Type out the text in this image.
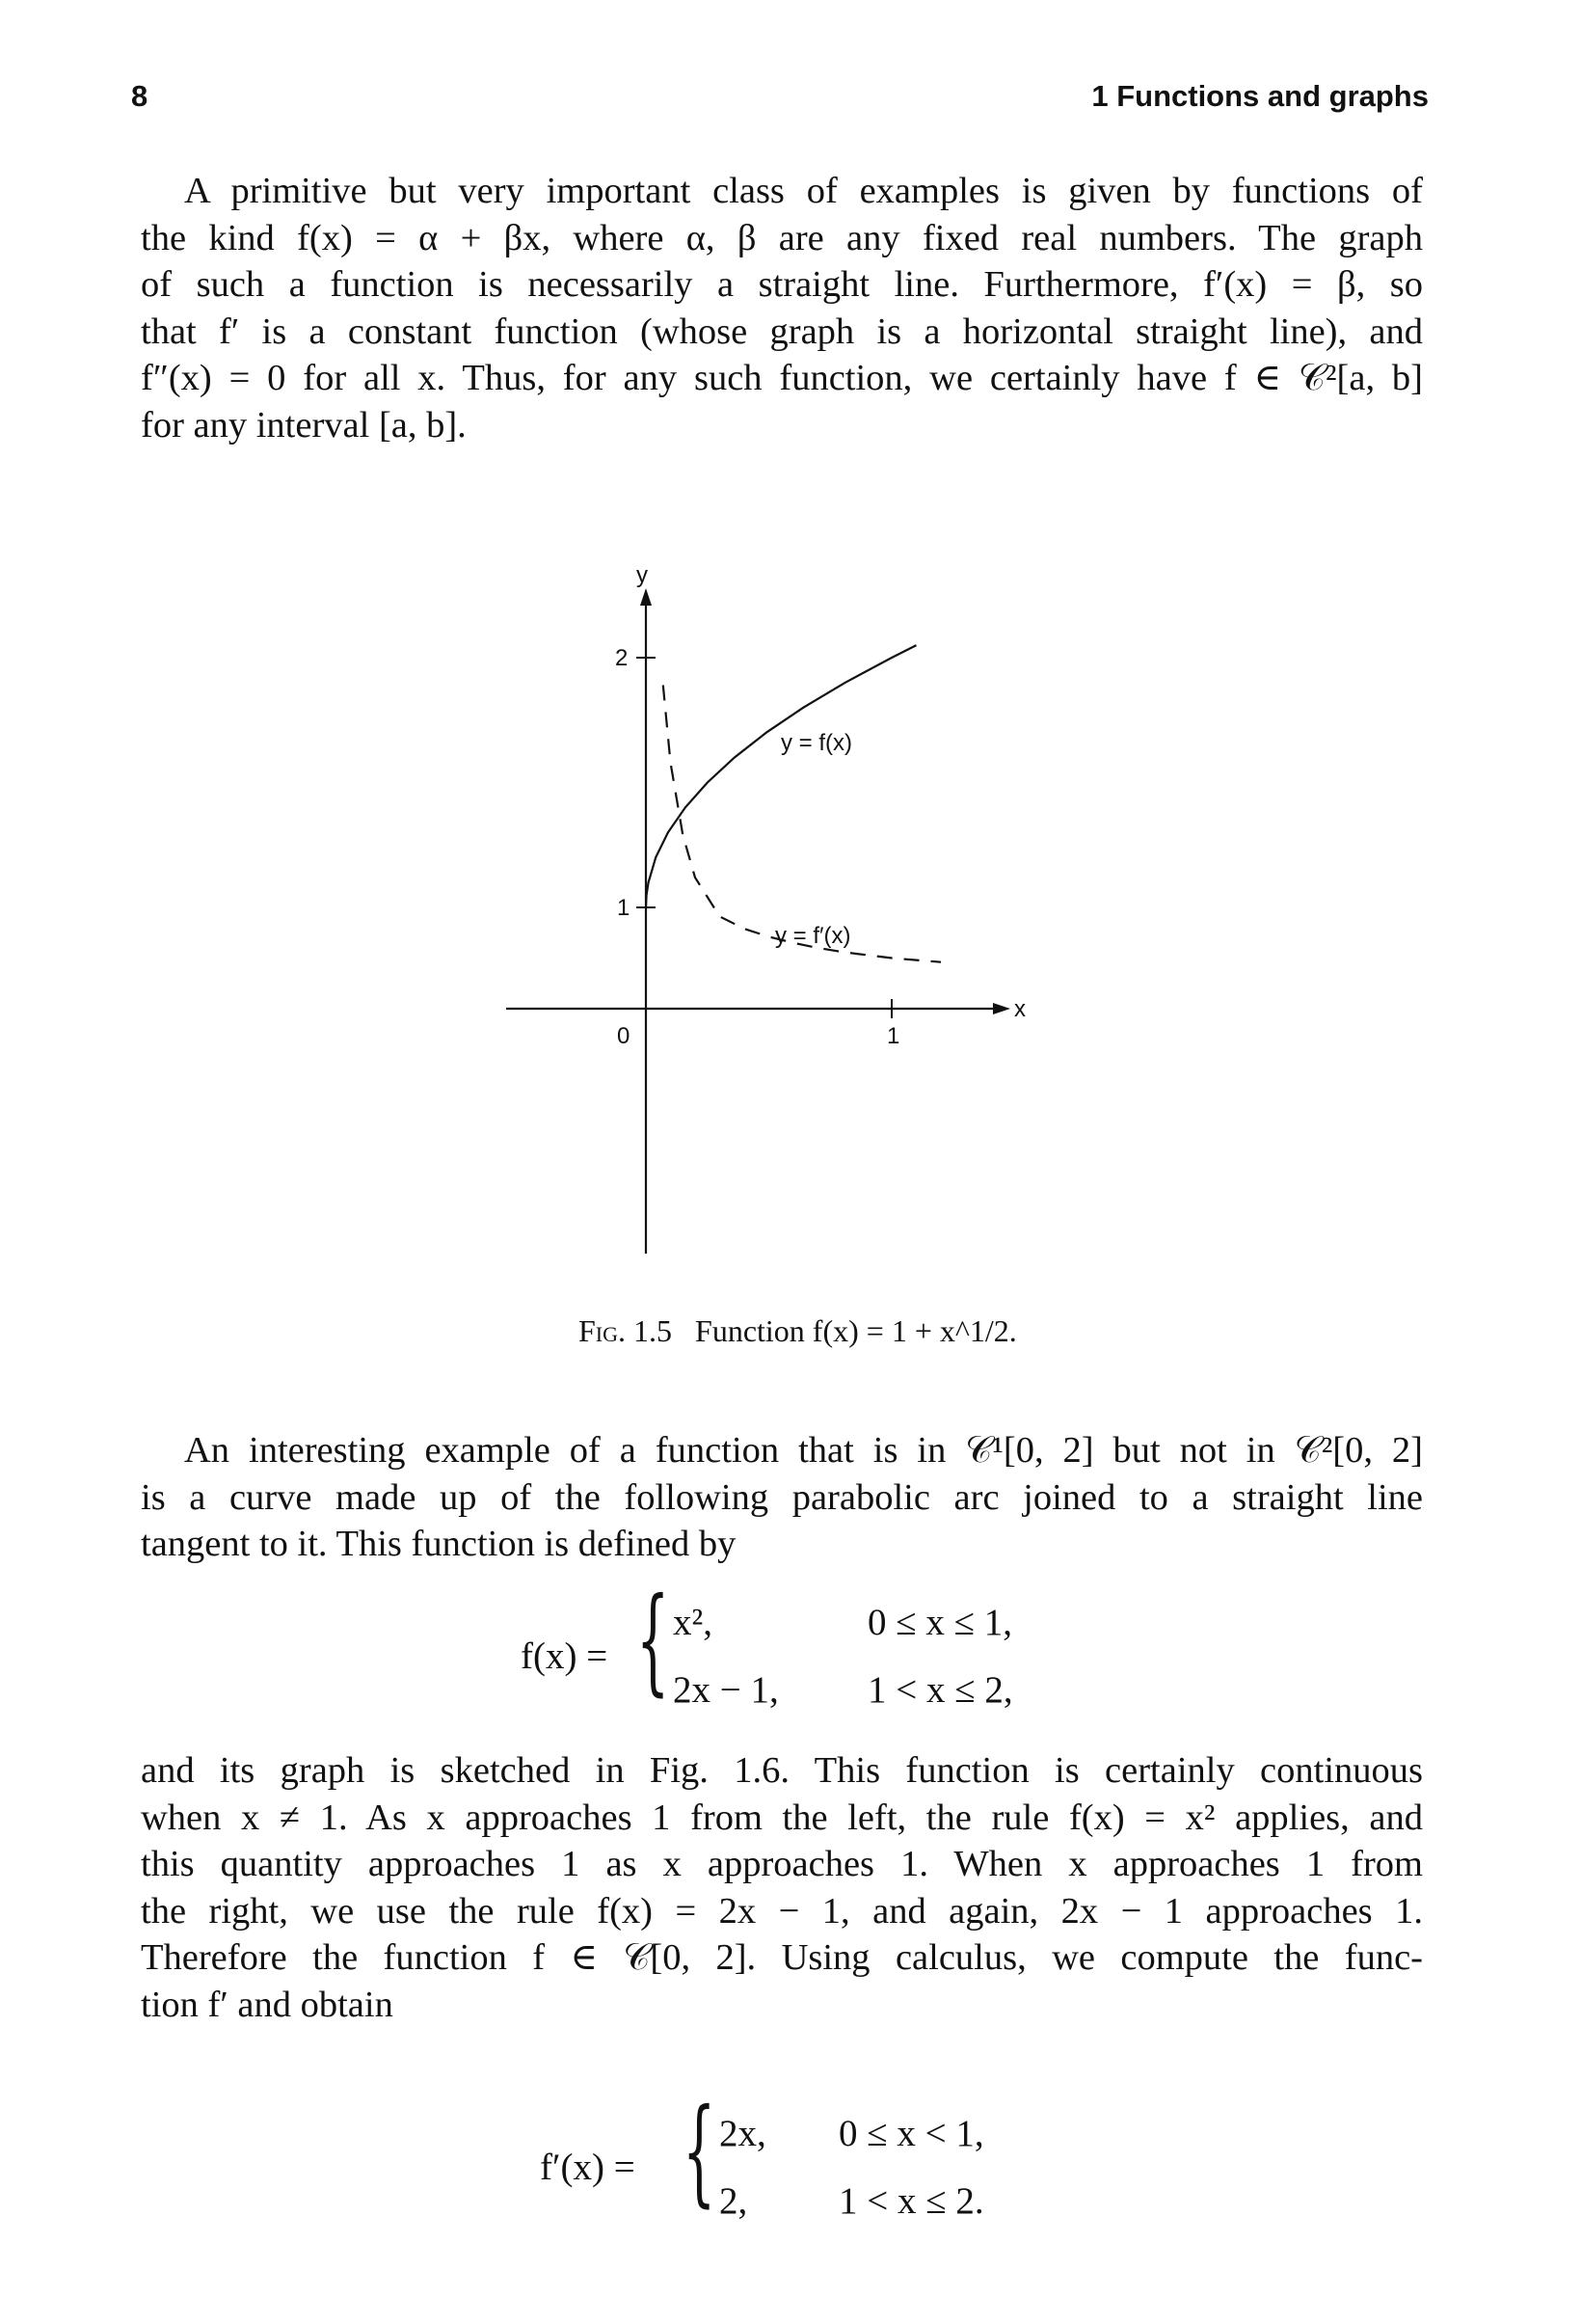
8	1 Functions and graphs
A primitive but very important class of examples is given by functions of
the kind f(x) = α + βx, where α, β are any fixed real numbers. The graph
of such a function is necessarily a straight line. Furthermore, f′(x) = β, so
that f′ is a constant function (whose graph is a horizontal straight line), and
f″(x) = 0 for all x. Thus, for any such function, we certainly have f ∈ 𝒞²[a, b]
for any interval [a, b].
y
x
2
1
0	1
y = f(x)
y = f′(x)
Fig. 1.5 Function f(x) = 1 + x^1/2.
An interesting example of a function that is in 𝒞¹[0, 2] but not in 𝒞²[0, 2]
is a curve made up of the following parabolic arc joined to a straight line
tangent to it. This function is defined by
f(x) = { x²,	0 ≤ x ≤ 1,
2x − 1, 1 < x ≤ 2,
and its graph is sketched in Fig. 1.6. This function is certainly continuous
when x ≠ 1. As x approaches 1 from the left, the rule f(x) = x² applies, and
this quantity approaches 1 as x approaches 1. When x approaches 1 from
the right, we use the rule f(x) = 2x − 1, and again, 2x − 1 approaches 1.
Therefore the function f ∈ 𝒞[0, 2]. Using calculus, we compute the func-
tion f′ and obtain
f′(x) = { 2x, 0 ≤ x < 1,
2, 1 < x ≤ 2.
